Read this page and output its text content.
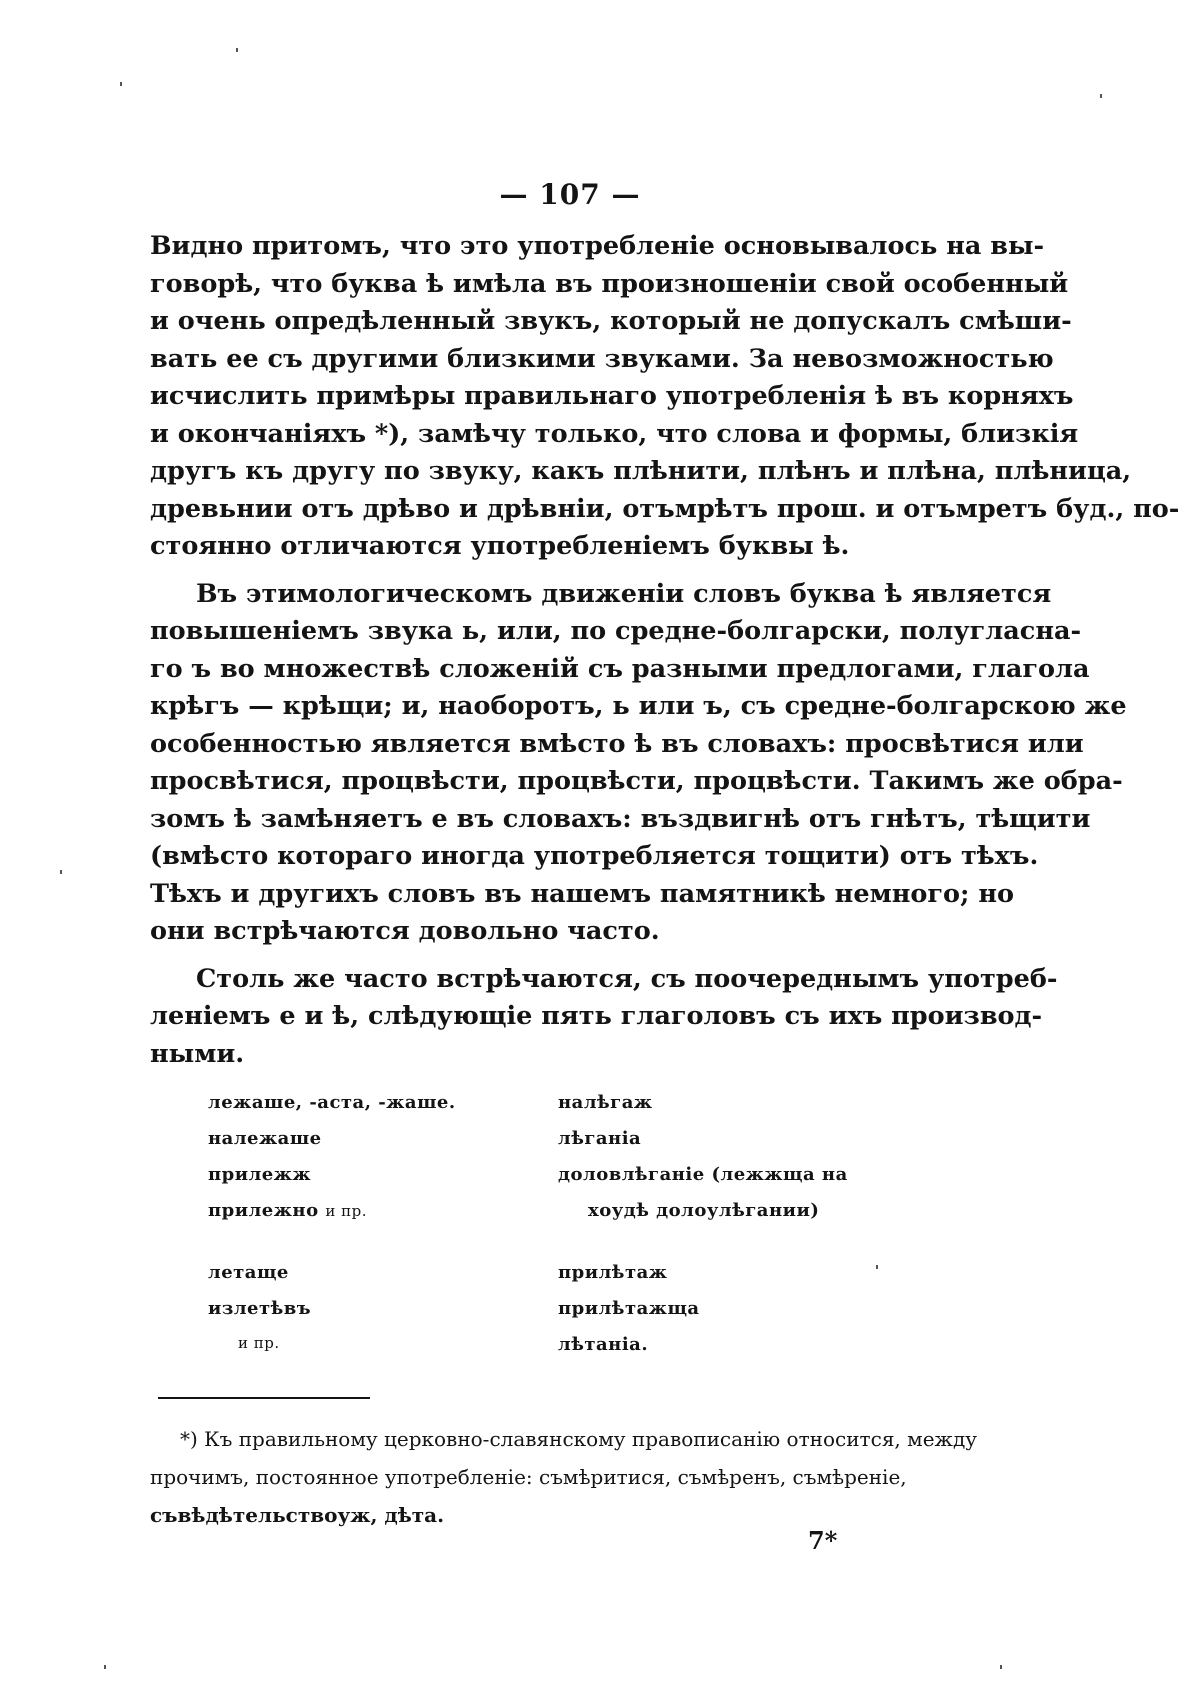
— 107 —
Видно притомъ, что это употребленіе основывалось на вы-
говорѣ, что буква ѣ имѣла въ произношеніи свой особенный
и очень опредѣленный звукъ, который не допускалъ смѣши-
вать ее съ другими близкими звуками. За невозможностью
исчислить примѣры правильнаго употребленія ѣ въ корняхъ
и окончаніяхъ *), замѣчу только, что слова и формы, близкія
другъ къ другу по звуку, какъ плѣнити, плѣнъ и плѣна, плѣница,
древьнии отъ дрѣво и дрѣвніи, отъмрѣтъ прош. и отъмретъ буд., по-
стоянно отличаются употребленіемъ буквы ѣ.
Въ этимологическомъ движеніи словъ буква ѣ является
повышеніемъ звука ь, или, по средне-болгарски, полугласна-
го ъ во множествѣ сложеній съ разными предлогами, глагола
крѣгъ — крѣщи; и, наоборотъ, ь или ъ, съ средне-болгарскою же
особенностью является вмѣсто ѣ въ словахъ: просвѣтися или
просвѣтися, процвѣсти, процвѣсти, процвѣсти. Такимъ же обра-
зомъ ѣ замѣняетъ е въ словахъ: въздвигнѣ отъ гнѣтъ, тѣщити
(вмѣсто котораго иногда употребляется тощити) отъ тѣхъ.
Тѣхъ и другихъ словъ въ нашемъ памятникѣ немного; но
они встрѣчаются довольно часто.
Столь же часто встрѣчаются, съ поочереднымъ употреб-
леніемъ е и ѣ, слѣдующіе пять глаголовъ съ ихъ производ-
ными.
лежаше, -аста, -жаше.	налѣгаж
належаше	лѣганіа
прилежж	доловлѣганіе (лежжща на
прилежно и пр.	хоудѣ долоулѣгании)
летаще	прилѣтаж
излетѣвъ	прилѣтажща
и пр.	лѣтаніа.
*) Къ правильному церковно-славянскому правописанію относится, между
прочимъ, постоянное употребленіе: съмѣритися, съмѣренъ, съмѣреніе,
съвѣдѣтельствоуж, дѣта.
7*
